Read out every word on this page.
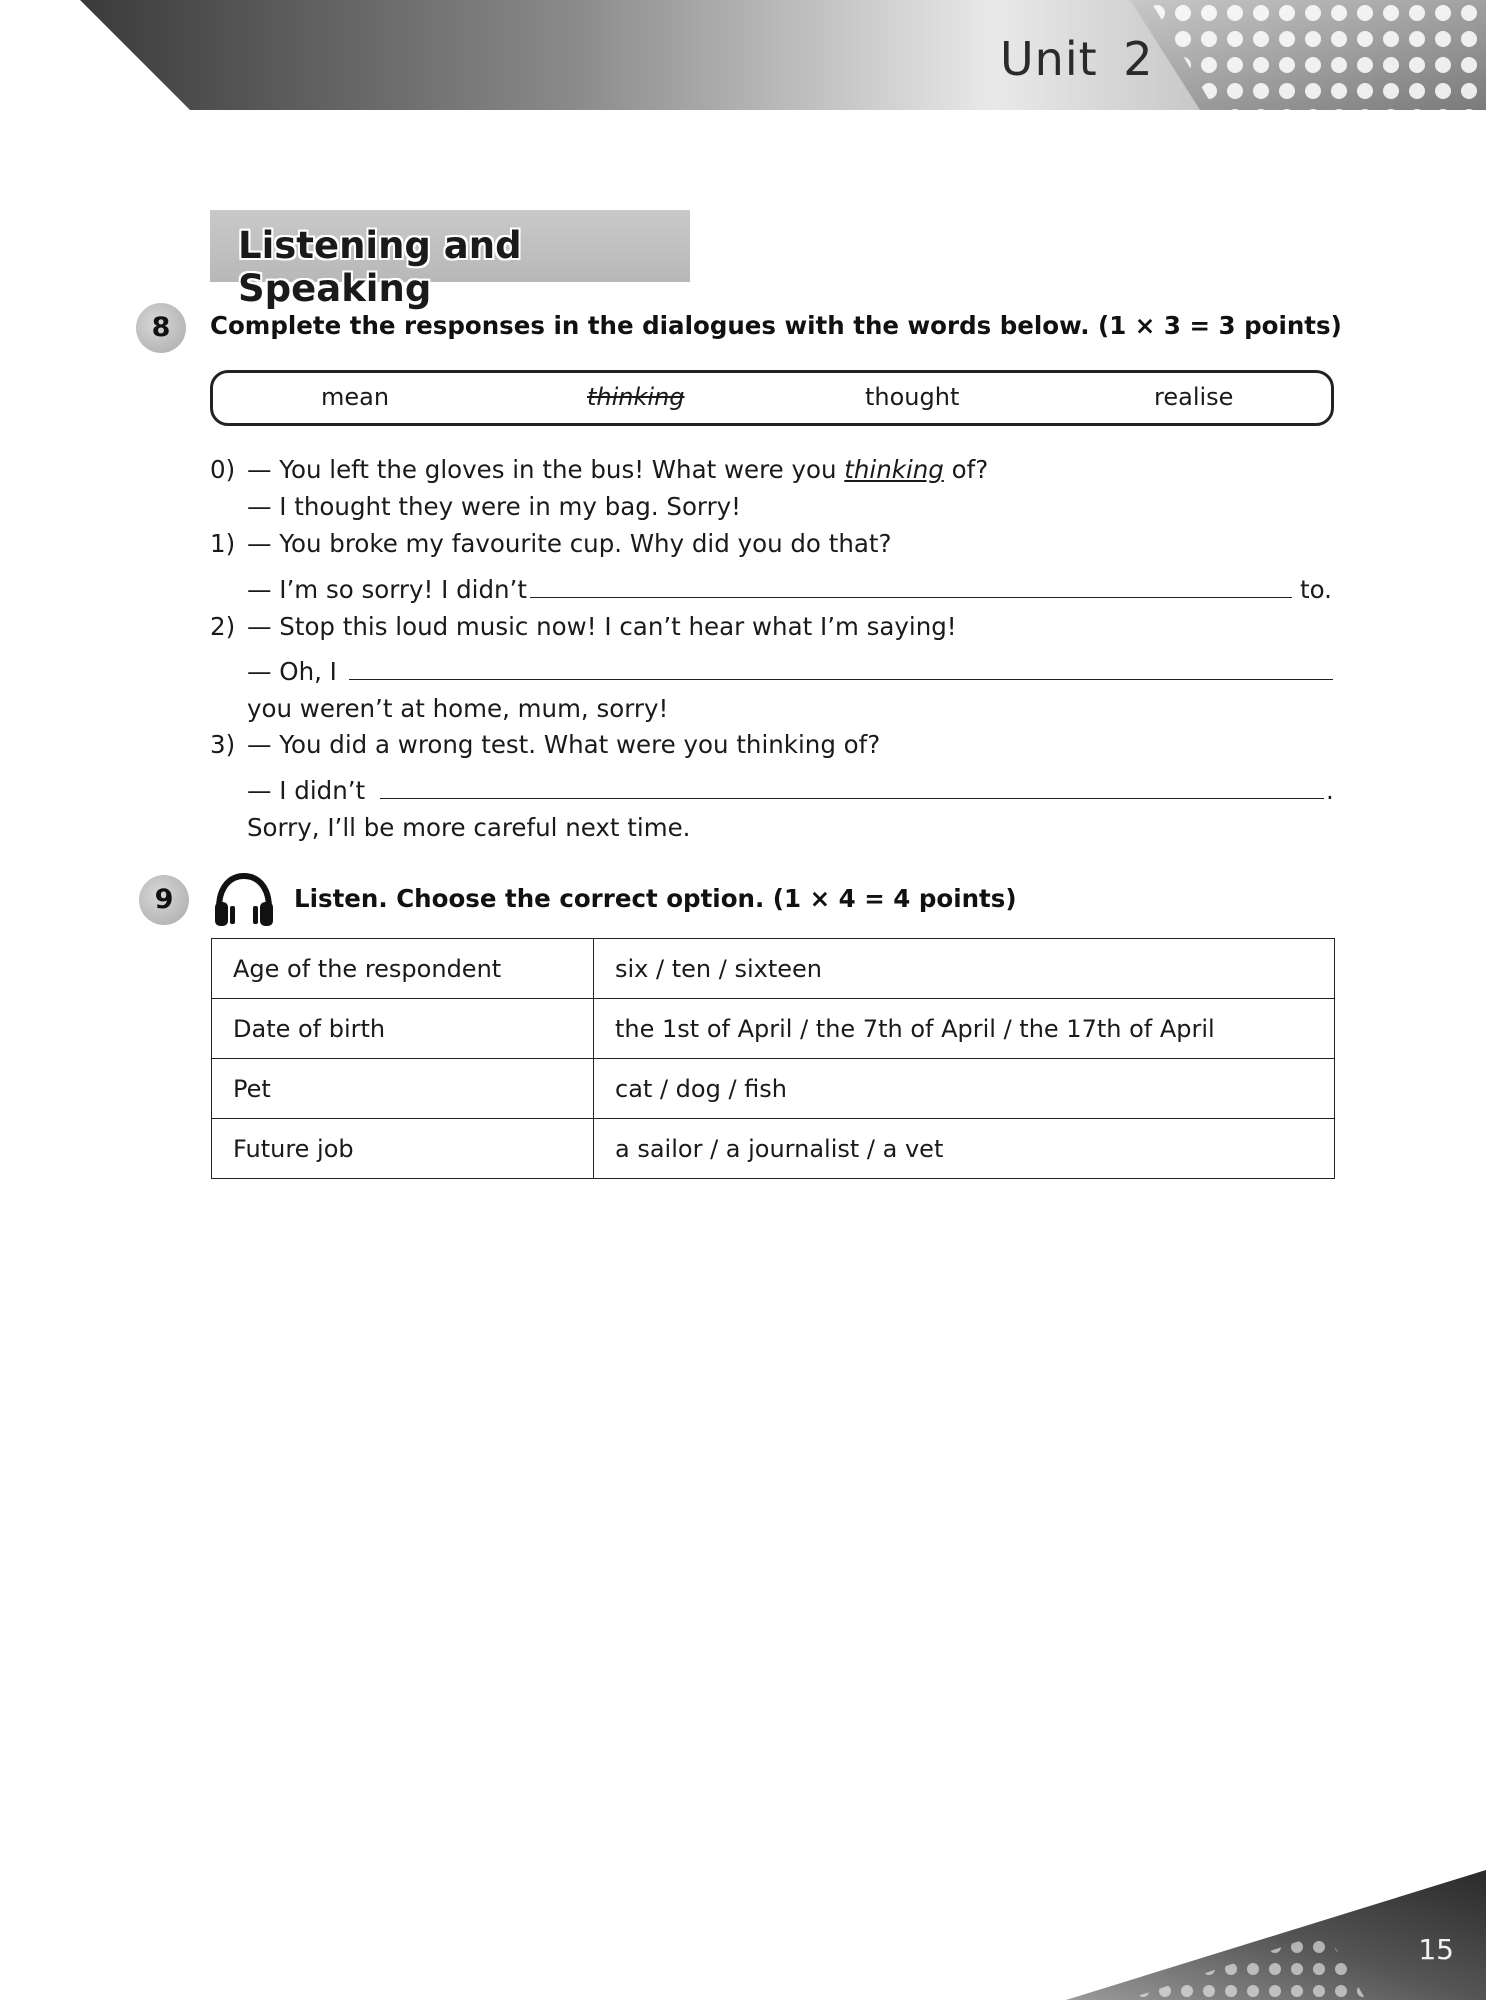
Unit 2
15
Listening and Speaking
8	Complete the responses in the dialogues with the words below. (1 × 3 = 3 points)
mean	thinking	thought	realise
0) — You left the gloves in the bus! What were you thinking of?
— I thought they were in my bag. Sorry!
1) — You broke my favourite cup. Why did you do that?
— I’m so sorry! I didn’t	to.
2) — Stop this loud music now! I can’t hear what I’m saying!
— Oh, I
you weren’t at home, mum, sorry!
3) — You did a wrong test. What were you thinking of?
— I didn’t	.
Sorry, I’ll be more careful next time.
9	Listen. Choose the correct option. (1 × 4 = 4 points)
Age of the respondent	six / ten / sixteen
Date of birth	the 1st of April / the 7th of April / the 17th of April
Pet	cat / dog / fish
Future job	a sailor / a journalist / a vet
